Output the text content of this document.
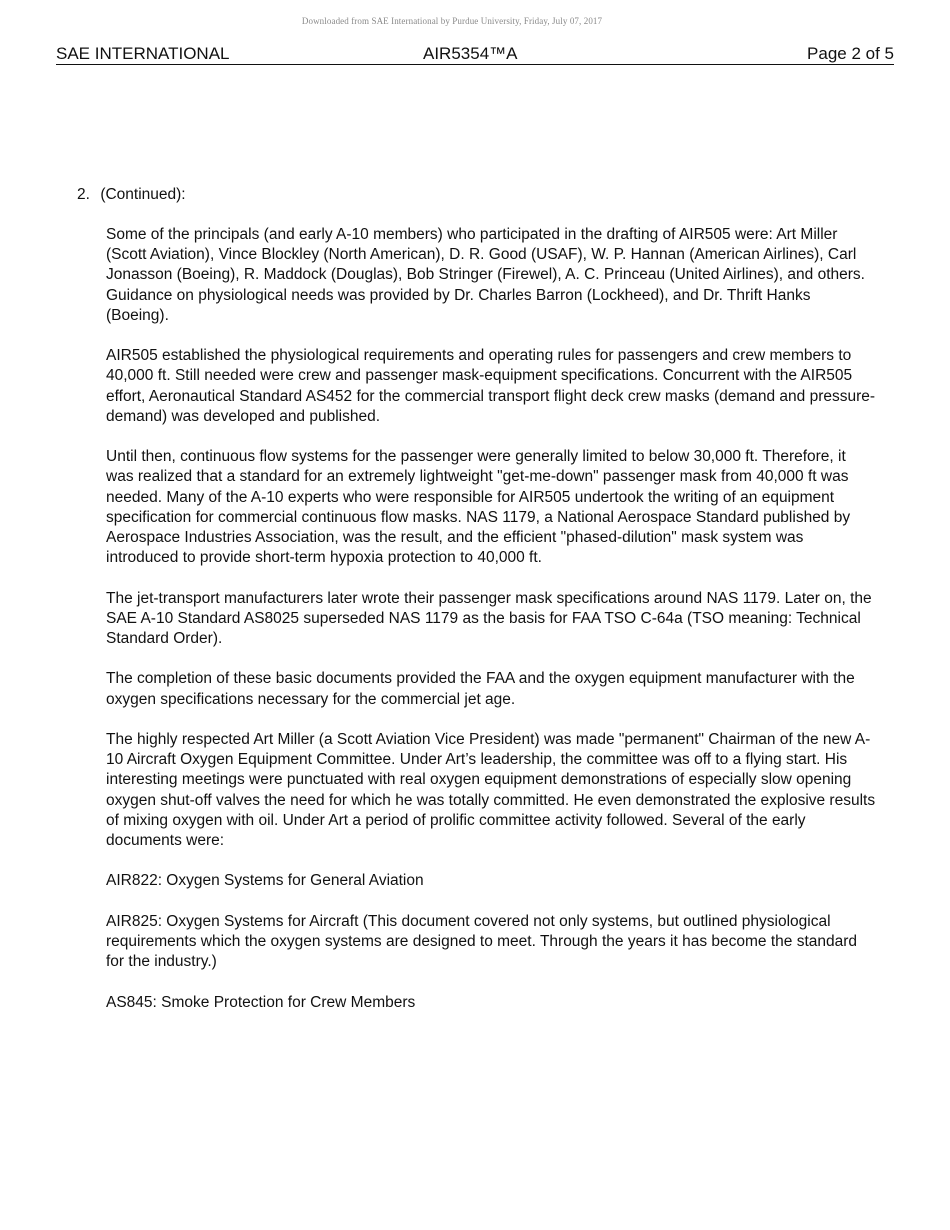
Downloaded from SAE International by Purdue University, Friday, July 07, 2017
SAE INTERNATIONAL	AIR5354™A	Page 2 of 5
2. (Continued):

Some of the principals (and early A-10 members) who participated in the drafting of AIR505 were: Art Miller (Scott Aviation), Vince Blockley (North American), D. R. Good (USAF), W. P. Hannan (American Airlines), Carl Jonasson (Boeing), R. Maddock (Douglas), Bob Stringer (Firewel), A. C. Princeau (United Airlines), and others. Guidance on physiological needs was provided by Dr. Charles Barron (Lockheed), and Dr. Thrift Hanks (Boeing).

AIR505 established the physiological requirements and operating rules for passengers and crew members to 40,000 ft. Still needed were crew and passenger mask-equipment specifications. Concurrent with the AIR505 effort, Aeronautical Standard AS452 for the commercial transport flight deck crew masks (demand and pressure-demand) was developed and published.

Until then, continuous flow systems for the passenger were generally limited to below 30,000 ft. Therefore, it was realized that a standard for an extremely lightweight "get-me-down" passenger mask from 40,000 ft was needed. Many of the A-10 experts who were responsible for AIR505 undertook the writing of an equipment specification for commercial continuous flow masks. NAS 1179, a National Aerospace Standard published by Aerospace Industries Association, was the result, and the efficient "phased-dilution" mask system was introduced to provide short-term hypoxia protection to 40,000 ft.

The jet-transport manufacturers later wrote their passenger mask specifications around NAS 1179. Later on, the SAE A-10 Standard AS8025 superseded NAS 1179 as the basis for FAA TSO C-64a (TSO meaning: Technical Standard Order).

The completion of these basic documents provided the FAA and the oxygen equipment manufacturer with the oxygen specifications necessary for the commercial jet age.

The highly respected Art Miller (a Scott Aviation Vice President) was made "permanent" Chairman of the new A-10 Aircraft Oxygen Equipment Committee. Under Art’s leadership, the committee was off to a flying start. His interesting meetings were punctuated with real oxygen equipment demonstrations of especially slow opening oxygen shut-off valves the need for which he was totally committed. He even demonstrated the explosive results of mixing oxygen with oil. Under Art a period of prolific committee activity followed. Several of the early documents were:

AIR822: Oxygen Systems for General Aviation

AIR825: Oxygen Systems for Aircraft (This document covered not only systems, but outlined physiological requirements which the oxygen systems are designed to meet. Through the years it has become the standard for the industry.)

AS845: Smoke Protection for Crew Members
